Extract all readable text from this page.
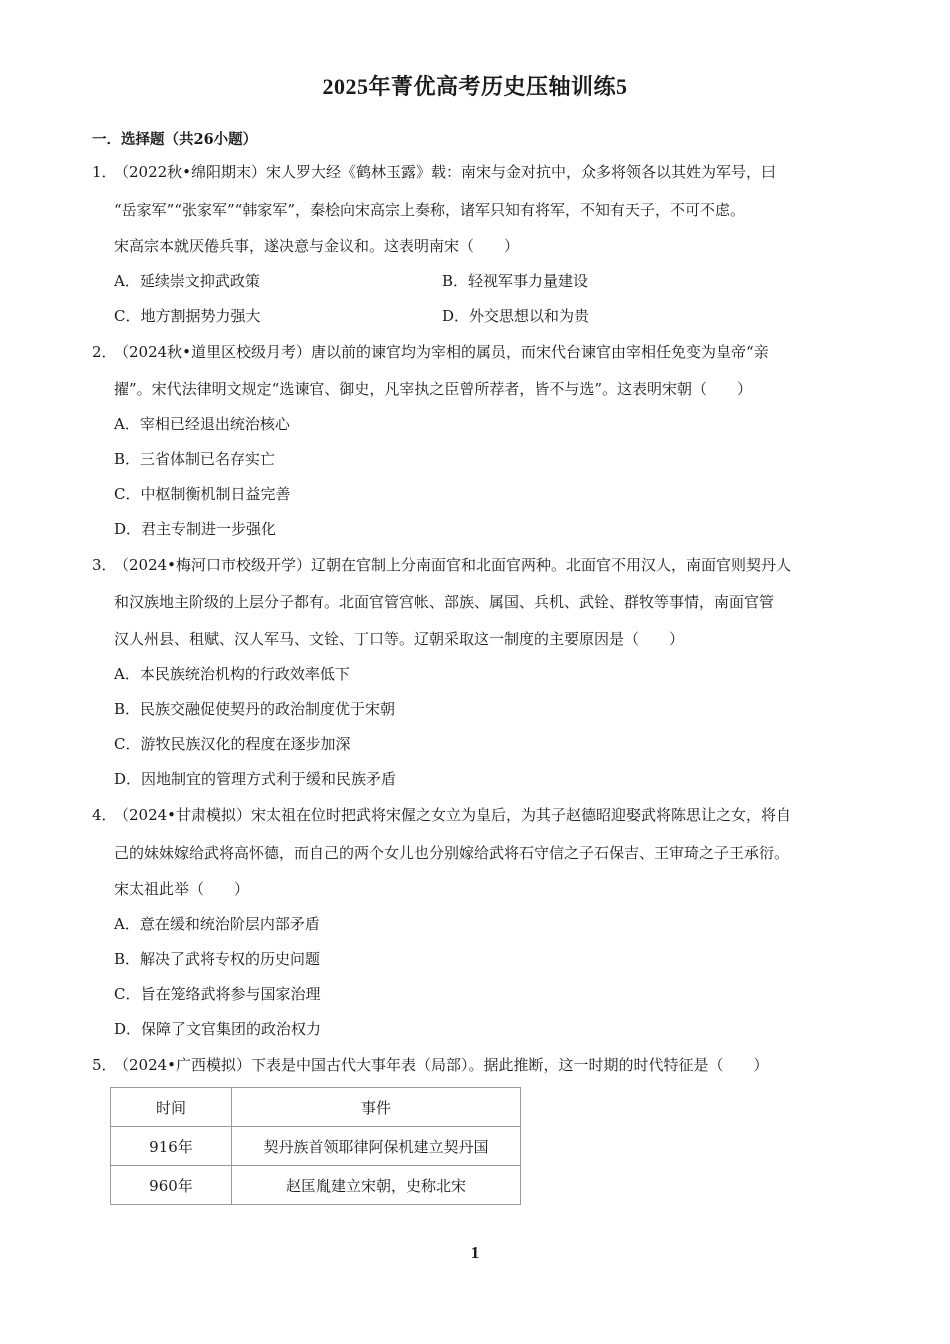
2025年菁优高考历史压轴训练5
一．选择题（共26小题）
1．（2022秋•绵阳期末）宋人罗大经《鹤林玉露》载：南宋与金对抗中，众多将领各以其姓为军号，曰
“岳家军”“张家军”“韩家军”，秦桧向宋高宗上奏称，诸军只知有将军，不知有天子，不可不虑。
宋高宗本就厌倦兵事，遂决意与金议和。这表明南宋（　　）
A．延续崇文抑武政策	B．轻视军事力量建设
C．地方割据势力强大	D．外交思想以和为贵
2．（2024秋•道里区校级月考）唐以前的谏官均为宰相的属员，而宋代台谏官由宰相任免变为皇帝“亲
擢”。宋代法律明文规定“选谏官、御史，凡宰执之臣曾所荐者，皆不与选”。这表明宋朝（　　）
A．宰相已经退出统治核心
B．三省体制已名存实亡
C．中枢制衡机制日益完善
D．君主专制进一步强化
3．（2024•梅河口市校级开学）辽朝在官制上分南面官和北面官两种。北面官不用汉人，南面官则契丹人
和汉族地主阶级的上层分子都有。北面官管宫帐、部族、属国、兵机、武铨、群牧等事情，南面官管
汉人州县、租赋、汉人军马、文铨、丁口等。辽朝采取这一制度的主要原因是（　　）
A．本民族统治机构的行政效率低下
B．民族交融促使契丹的政治制度优于宋朝
C．游牧民族汉化的程度在逐步加深
D．因地制宜的管理方式利于缓和民族矛盾
4．（2024•甘肃模拟）宋太祖在位时把武将宋偓之女立为皇后，为其子赵德昭迎娶武将陈思让之女，将自
己的妹妹嫁给武将高怀德，而自己的两个女儿也分别嫁给武将石守信之子石保吉、王审琦之子王承衍。
宋太祖此举（　　）
A．意在缓和统治阶层内部矛盾
B．解决了武将专权的历史问题
C．旨在笼络武将参与国家治理
D．保障了文官集团的政治权力
5．（2024•广西模拟）下表是中国古代大事年表（局部）。据此推断，这一时期的时代特征是（　　）
时间	事件
916年	契丹族首领耶律阿保机建立契丹国
960年	赵匡胤建立宋朝，史称北宋
1
